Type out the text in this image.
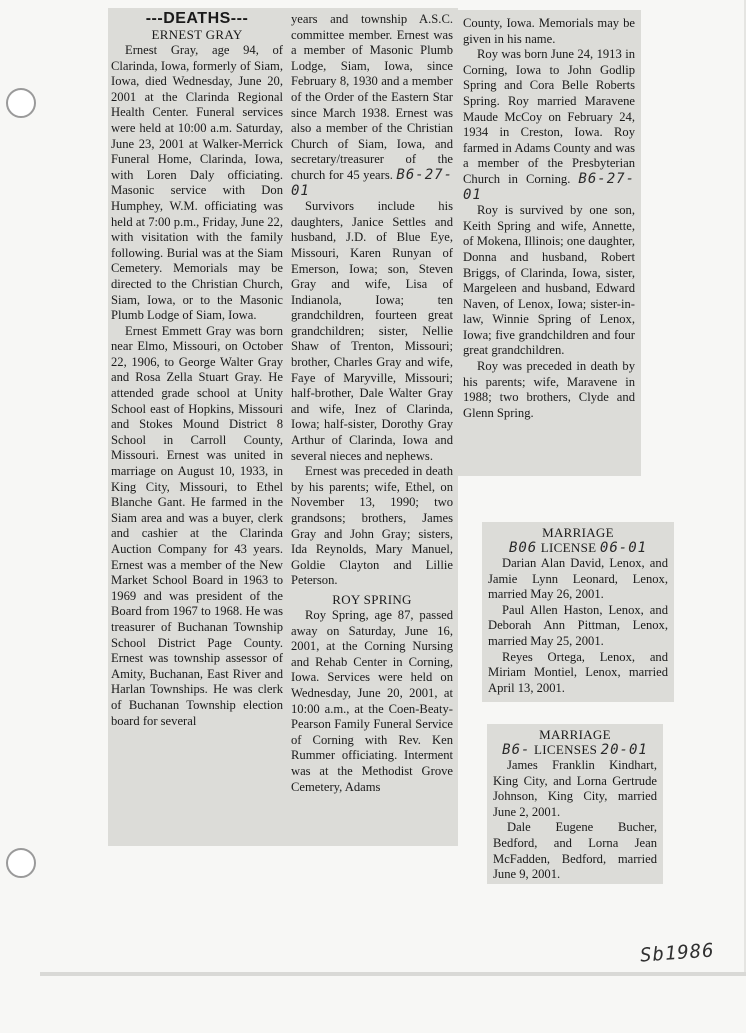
---DEATHS---
ERNEST GRAY

Ernest Gray, age 94, of Clarinda, Iowa, formerly of Siam, Iowa, died Wednesday, June 20, 2001 at the Clarinda Regional Health Center. Funeral services were held at 10:00 a.m. Saturday, June 23, 2001 at Walker-Merrick Funeral Home, Clarinda, Iowa, with Loren Daly officiating. Masonic service with Don Humphey, W.M. officiating was held at 7:00 p.m., Friday, June 22, with visitation with the family following. Burial was at the Siam Cemetery. Memorials may be directed to the Christian Church, Siam, Iowa, or to the Masonic Plumb Lodge of Siam, Iowa.

Ernest Emmett Gray was born near Elmo, Missouri, on October 22, 1906, to George Walter Gray and Rosa Zella Stuart Gray. He attended grade school at Unity School east of Hopkins, Missouri and Stokes Mound District 8 School in Carroll County, Missouri. Ernest was united in marriage on August 10, 1933, in King City, Missouri, to Ethel Blanche Gant. He farmed in the Siam area and was a buyer, clerk and cashier at the Clarinda Auction Company for 43 years. Ernest was a member of the New Market School Board in 1963 to 1969 and was president of the Board from 1967 to 1968. He was treasurer of Buchanan Township School District Page County. Ernest was township assessor of Amity, Buchanan, East River and Harlan Townships. He was clerk of Buchanan Township election board for several

years and township A.S.C. committee member. Ernest was a member of Masonic Plumb Lodge, Siam, Iowa, since February 8, 1930 and a member of the Order of the Eastern Star since March 1938. Ernest was also a member of the Christian Church of Siam, Iowa, and secretary/treasurer of the church for 45 years. B6-27-01

Survivors include his daughters, Janice Settles and husband, J.D. of Blue Eye, Missouri, Karen Runyan of Emerson, Iowa; son, Steven Gray and wife, Lisa of Indianola, Iowa; ten grandchildren, fourteen great grandchildren; sister, Nellie Shaw of Trenton, Missouri; brother, Charles Gray and wife, Faye of Maryville, Missouri; half-brother, Dale Walter Gray and wife, Inez of Clarinda, Iowa; half-sister, Dorothy Gray Arthur of Clarinda, Iowa and several nieces and nephews.

Ernest was preceded in death by his parents; wife, Ethel, on November 13, 1990; two grandsons; brothers, James Gray and John Gray; sisters, Ida Reynolds, Mary Manuel, Goldie Clayton and Lillie Peterson.

ROY SPRING

Roy Spring, age 87, passed away on Saturday, June 16, 2001, at the Corning Nursing and Rehab Center in Corning, Iowa. Services were held on Wednesday, June 20, 2001, at 10:00 a.m., at the Coen-Beaty-Pearson Family Funeral Service of Corning with Rev. Ken Rummer officiating. Interment was at the Methodist Grove Cemetery, Adams

County, Iowa. Memorials may be given in his name.

Roy was born June 24, 1913 in Corning, Iowa to John Godlip Spring and Cora Belle Roberts Spring. Roy married Maravene Maude McCoy on February 24, 1934 in Creston, Iowa. Roy farmed in Adams County and was a member of the Presbyterian Church in Corning. B6-27-01

Roy is survived by one son, Keith Spring and wife, Annette, of Mokena, Illinois; one daughter, Donna and husband, Robert Briggs, of Clarinda, Iowa, sister, Margeleen and husband, Edward Naven, of Lenox, Iowa; sister-in-law, Winnie Spring of Lenox, Iowa; five grandchildren and four great grandchildren.

Roy was preceded in death by his parents; wife, Maravene in 1988; two brothers, Clyde and Glenn Spring.

MARRIAGE
B06 LICENSE 06-01

Darian Alan David, Lenox, and Jamie Lynn Leonard, Lenox, married May 26, 2001.

Paul Allen Haston, Lenox, and Deborah Ann Pittman, Lenox, married May 25, 2001.

Reyes Ortega, Lenox, and Miriam Montiel, Lenox, married April 13, 2001.

MARRIAGE
B6- LICENSES 20-01

James Franklin Kindhart, King City, and Lorna Gertrude Johnson, King City, married June 2, 2001.

Dale Eugene Bucher, Bedford, and Lorna Jean McFadden, Bedford, married June 9, 2001.

Sb1986
